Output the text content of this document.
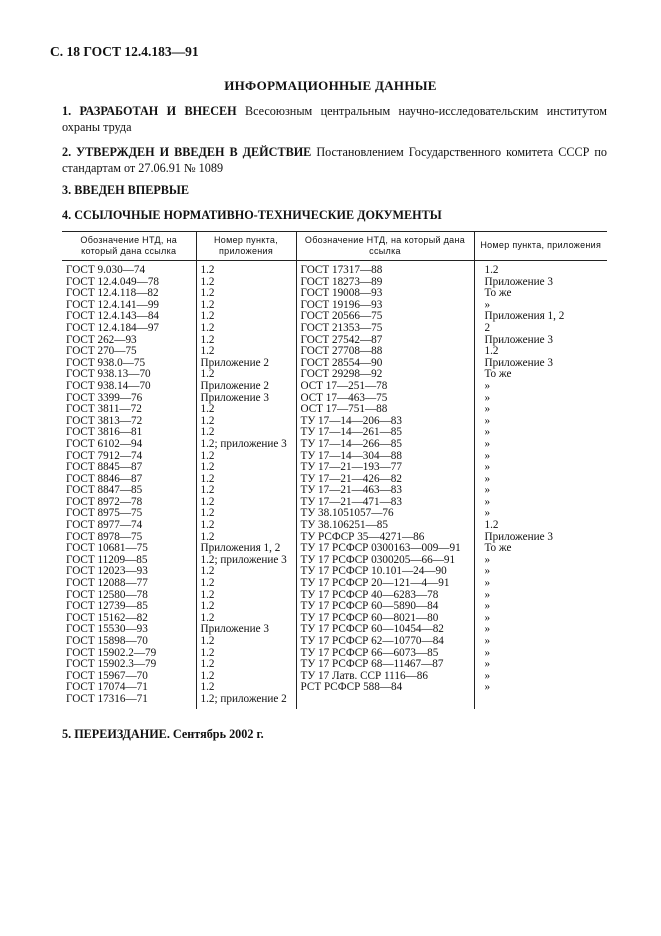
С. 18 ГОСТ 12.4.183—91
ИНФОРМАЦИОННЫЕ ДАННЫЕ
1. РАЗРАБОТАН И ВНЕСЕН Всесоюзным центральным научно-исследовательским институтом охраны труда
2. УТВЕРЖДЕН И ВВЕДЕН В ДЕЙСТВИЕ Постановлением Государственного комитета СССР по стандартам от 27.06.91 № 1089
3. ВВЕДЕН ВПЕРВЫЕ
4. ССЫЛОЧНЫЕ НОРМАТИВНО-ТЕХНИЧЕСКИЕ ДОКУМЕНТЫ
Обозначение НТД, на который дана ссылка	Номер пункта, приложения	Обозначение НТД, на который дана ссылка	Номер пункта, приложения
ГОСТ 9.030—74	1.2	ГОСТ 17317—88	1.2
ГОСТ 12.4.049—78	1.2	ГОСТ 18273—89	Приложение 3
ГОСТ 12.4.118—82	1.2	ГОСТ 19008—93	То же
ГОСТ 12.4.141—99	1.2	ГОСТ 19196—93	»
ГОСТ 12.4.143—84	1.2	ГОСТ 20566—75	Приложения 1, 2
ГОСТ 12.4.184—97	1.2	ГОСТ 21353—75	2
ГОСТ 262—93	1.2	ГОСТ 27542—87	Приложение 3
ГОСТ 270—75	1.2	ГОСТ 27708—88	1.2
ГОСТ 938.0—75	Приложение 2	ГОСТ 28554—90	Приложение 3
ГОСТ 938.13—70	1.2	ГОСТ 29298—92	То же
ГОСТ 938.14—70	Приложение 2	ОСТ 17—251—78	»
ГОСТ 3399—76	Приложение 3	ОСТ 17—463—75	»
ГОСТ 3811—72	1.2	ОСТ 17—751—88	»
ГОСТ 3813—72	1.2	ТУ 17—14—206—83	»
ГОСТ 3816—81	1.2	ТУ 17—14—261—85	»
ГОСТ 6102—94	1.2; приложение 3	ТУ 17—14—266—85	»
ГОСТ 7912—74	1.2	ТУ 17—14—304—88	»
ГОСТ 8845—87	1.2	ТУ 17—21—193—77	»
ГОСТ 8846—87	1.2	ТУ 17—21—426—82	»
ГОСТ 8847—85	1.2	ТУ 17—21—463—83	»
ГОСТ 8972—78	1.2	ТУ 17—21—471—83	»
ГОСТ 8975—75	1.2	ТУ 38.1051057—76	»
ГОСТ 8977—74	1.2	ТУ 38.106251—85	1.2
ГОСТ 8978—75	1.2	ТУ РСФСР 35—4271—86	Приложение 3
ГОСТ 10681—75	Приложения 1, 2	ТУ 17 РСФСР 0300163—009—91	То же
ГОСТ 11209—85	1.2; приложение 3	ТУ 17 РСФСР 0300205—66—91	»
ГОСТ 12023—93	1.2	ТУ 17 РСФСР 10.101—24—90	»
ГОСТ 12088—77	1.2	ТУ 17 РСФСР 20—121—4—91	»
ГОСТ 12580—78	1.2	ТУ 17 РСФСР 40—6283—78	»
ГОСТ 12739—85	1.2	ТУ 17 РСФСР 60—5890—84	»
ГОСТ 15162—82	1.2	ТУ 17 РСФСР 60—8021—80	»
ГОСТ 15530—93	Приложение 3	ТУ 17 РСФСР 60—10454—82	»
ГОСТ 15898—70	1.2	ТУ 17 РСФСР 62—10770—84	»
ГОСТ 15902.2—79	1.2	ТУ 17 РСФСР 66—6073—85	»
ГОСТ 15902.3—79	1.2	ТУ 17 РСФСР 68—11467—87	»
ГОСТ 15967—70	1.2	ТУ 17 Латв. ССР 1116—86	»
ГОСТ 17074—71	1.2	РСТ РСФСР 588—84	»
ГОСТ 17316—71	1.2; приложение 2		
5. ПЕРЕИЗДАНИЕ. Сентябрь 2002 г.
